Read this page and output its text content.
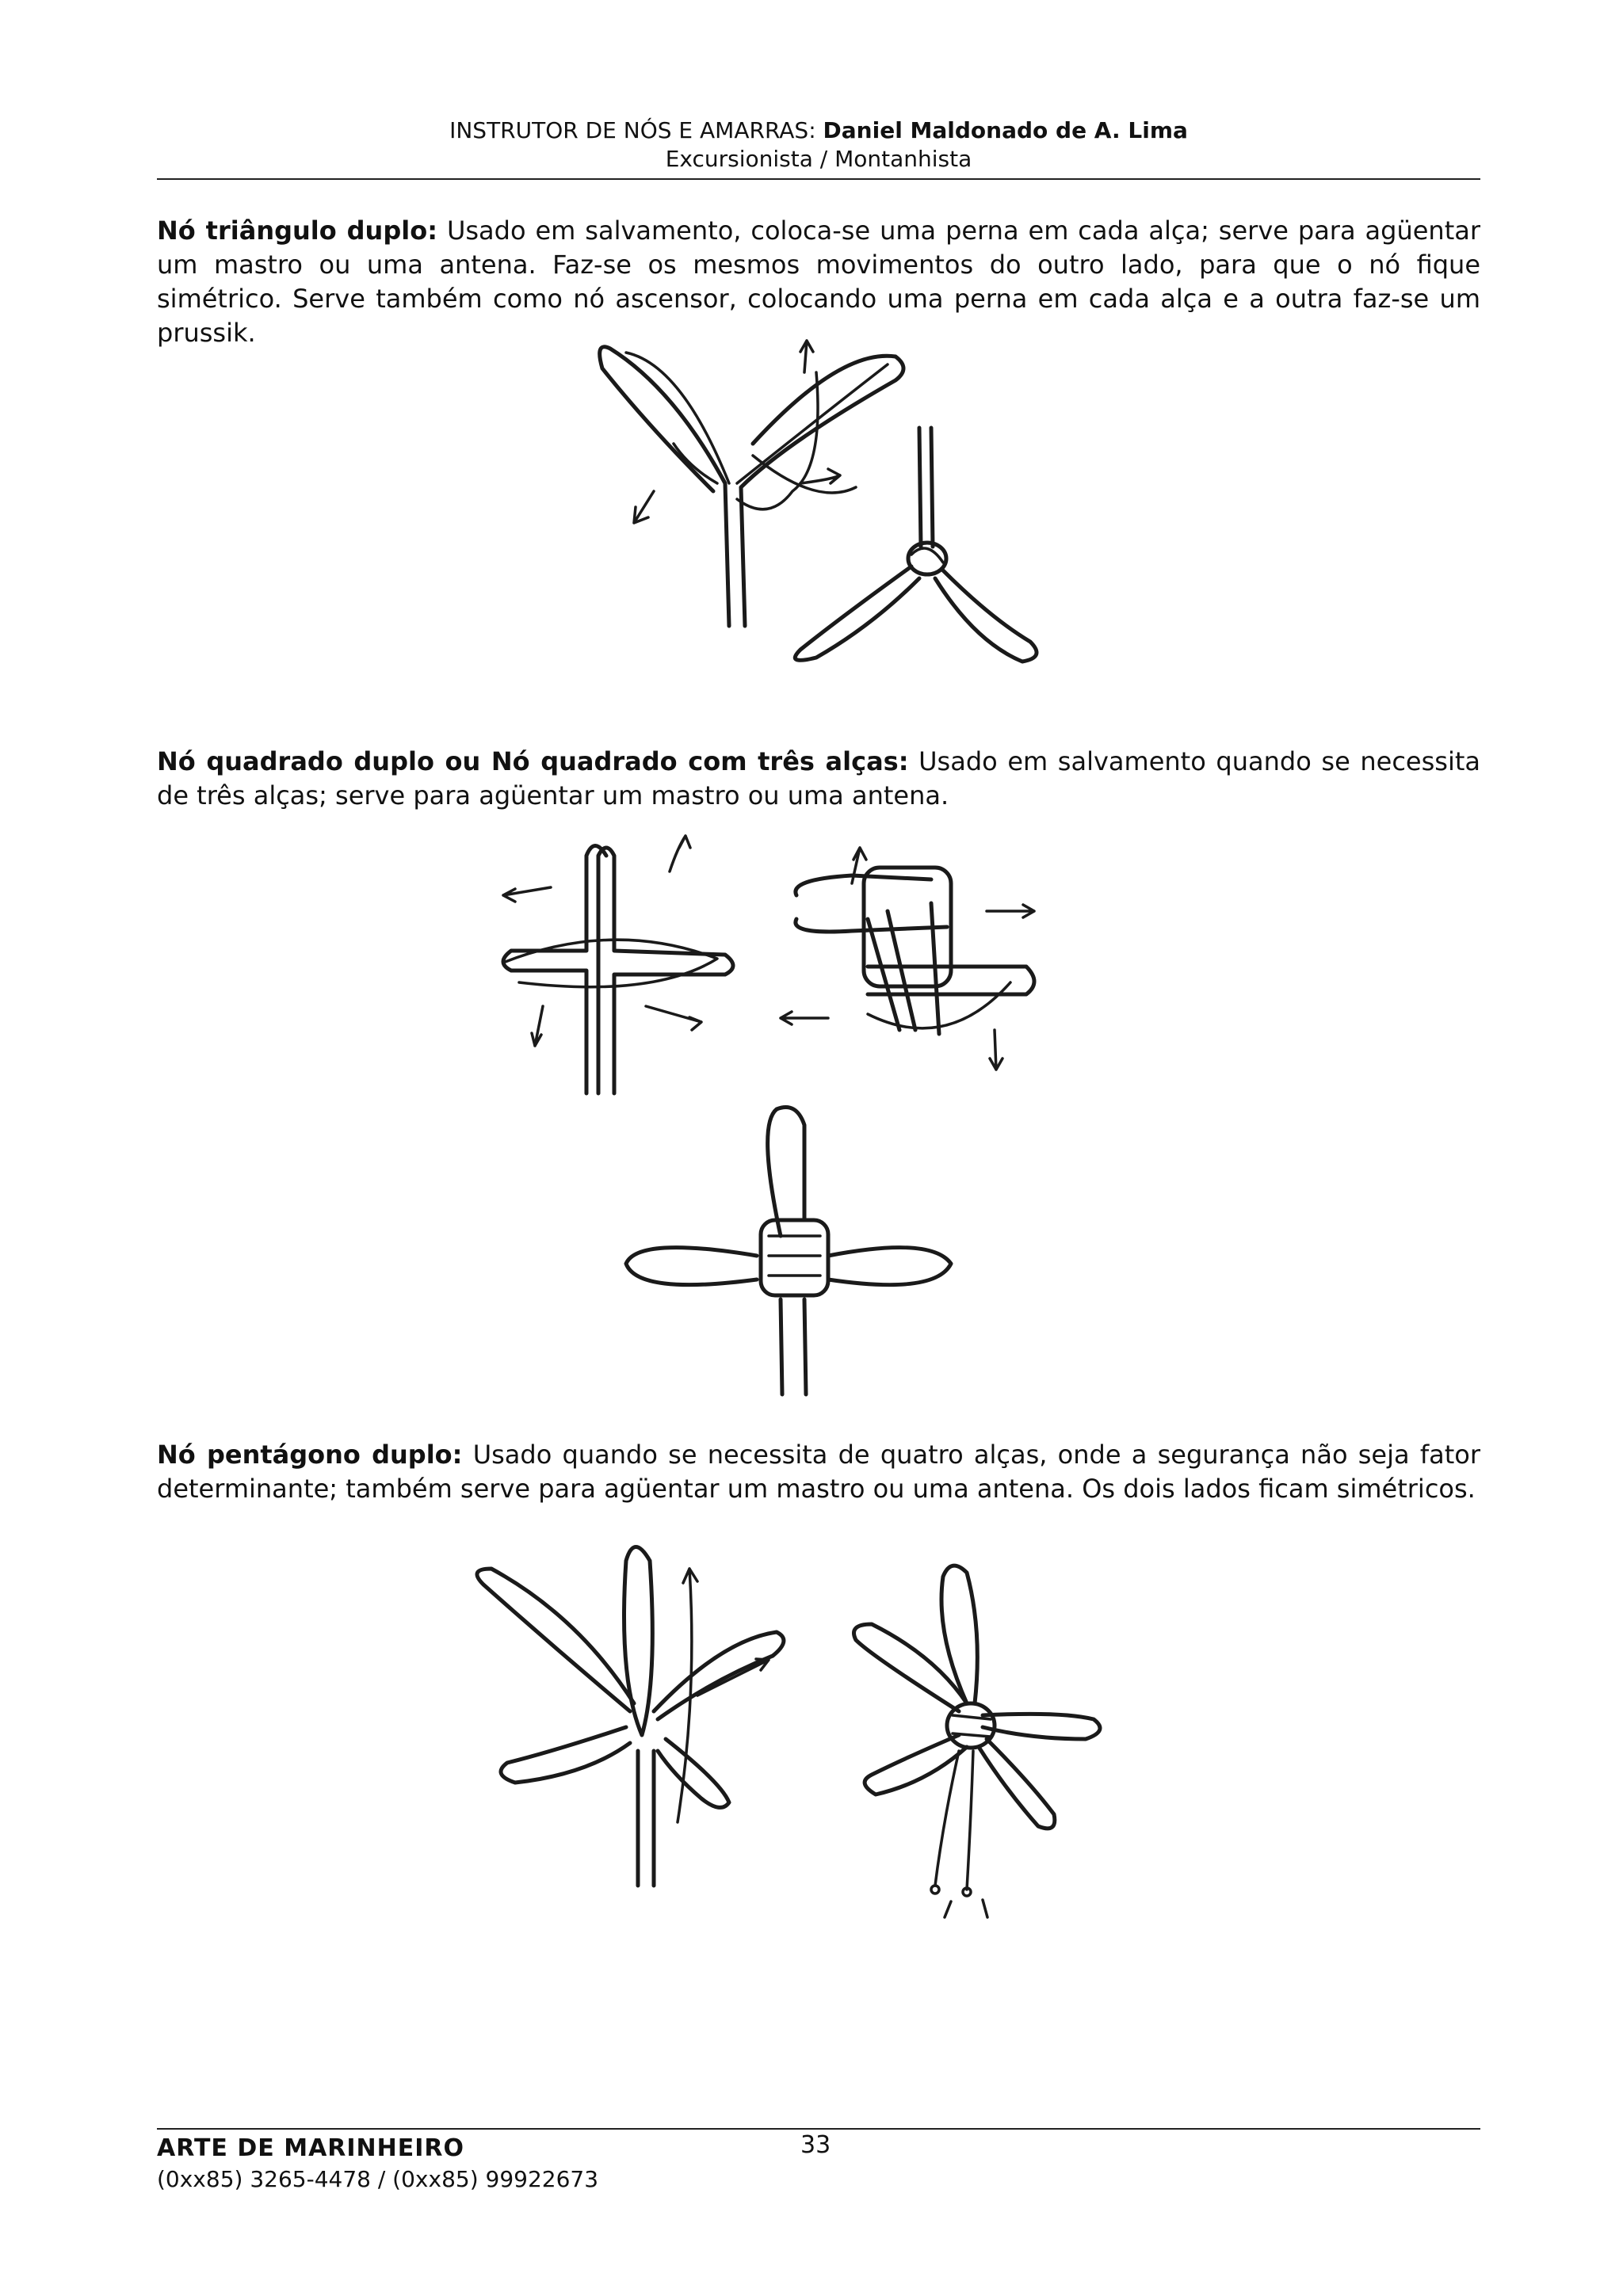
INSTRUTOR DE NÓS E AMARRAS: Daniel Maldonado de A. Lima
Excursionista / Montanhista

Nó triângulo duplo: Usado em salvamento, coloca-se uma perna em cada alça; serve para agüentar um mastro ou uma antena. Faz-se os mesmos movimentos do outro lado, para que o nó fique simétrico. Serve também como nó ascensor, colocando uma perna em cada alça e a outra faz-se um prussik.

Nó quadrado duplo ou Nó quadrado com três alças: Usado em salvamento quando se necessita de três alças; serve para agüentar um mastro ou uma antena.

Nó pentágono duplo: Usado quando se necessita de quatro alças, onde a segurança não seja fator determinante; também serve para agüentar um mastro ou uma antena. Os dois lados ficam simétricos.

ARTE DE MARINHEIRO	33
(0xx85) 3265-4478 / (0xx85) 99922673
